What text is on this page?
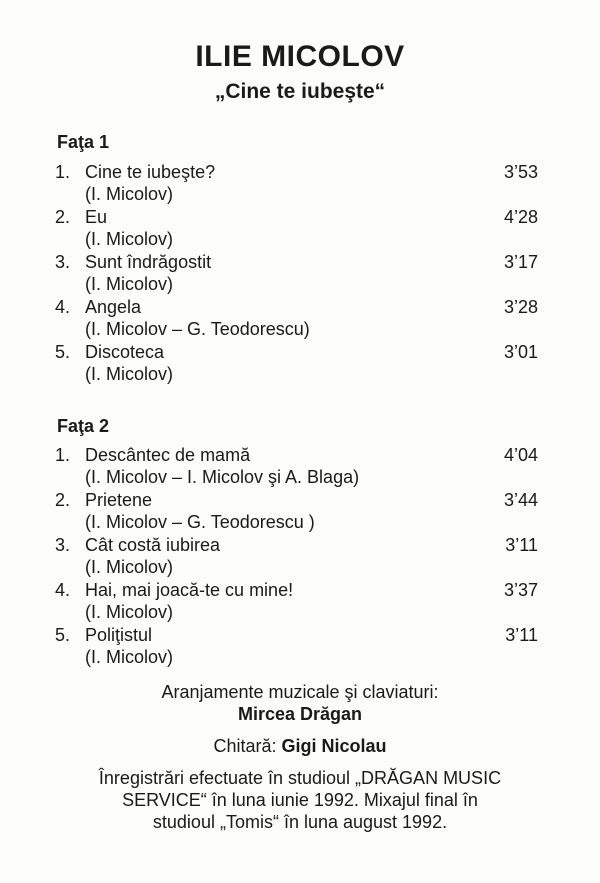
ILIE MICOLOV
„Cine te iubeşte“
Faţa 1
1. Cine te iubeşte?	3’53
(I. Micolov)
2. Eu	4’28
(I. Micolov)
3. Sunt îndrăgostit	3’17
(I. Micolov)
4. Angela	3’28
(I. Micolov – G. Teodorescu)
5. Discoteca	3’01
(I. Micolov)
Faţa 2
1. Descântec de mamă	4’04
(I. Micolov – I. Micolov şi A. Blaga)
2. Prietene	3’44
(I. Micolov – G. Teodorescu )
3. Cât costă iubirea	3’11
(I. Micolov)
4. Hai, mai joacă-te cu mine!	3’37
(I. Micolov)
5. Poliţistul	3’11
(I. Micolov)
Aranjamente muzicale şi claviaturi:
Mircea Drăgan
Chitară: Gigi Nicolau
Înregistrări efectuate în studioul „DRĂGAN MUSIC
SERVICE“ în luna iunie 1992. Mixajul final în
studioul „Tomis“ în luna august 1992.
